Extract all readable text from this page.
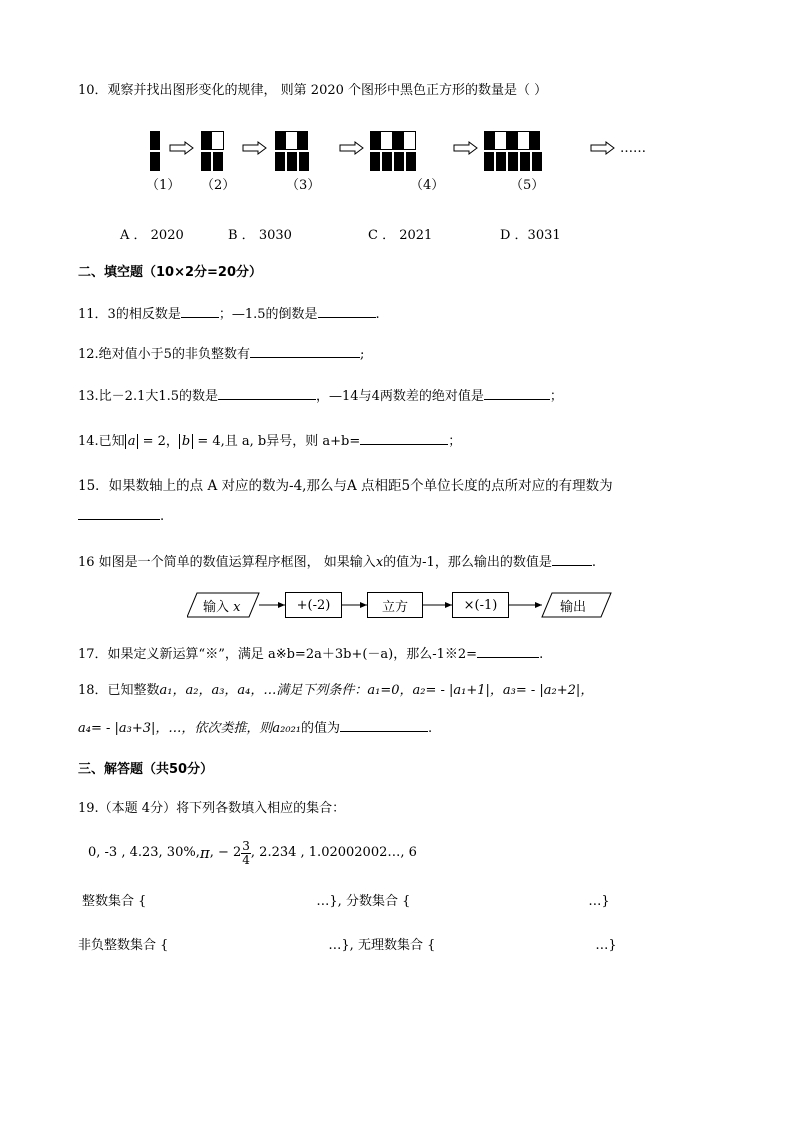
10．观察并找出图形变化的规律， 则第 2020 个图形中黑色正方形的数量是（ ）
……
（1） （2）	（3）	（4）	（5）
A ． 2020	B ． 3030	C ． 2021	D ．3031
二、填空题（10×2分=20分）
11．3的相反数是	；—1.5的倒数是	.
12.绝对值小于5的非负整数有	;
13.比－2.1大1.5的数是	，—14与4两数差的绝对值是	；
14.已知 a = 2， b = 4,且 a, b异号，则 a+b=	；
15．如果数轴上的点 A 对应的数为-4,那么与A 点相距5个单位长度的点所对应的有理数为
.
16 如图是一个简单的数值运算程序框图， 如果输入x的值为-1，那么输出的数值是	.
输入 x	+(-2)	立方	×(-1)	输出
17．如果定义新运算“※”，满足 a※b=2a＋3b+(－a)，那么-1※2=	.
18．已知整数a₁，a₂，a₃，a₄，…满足下列条件：a₁=0，a₂= - |a₁+1|，a₃= - |a₂+2|，
a₄= - |a₃+3|，…，依次类推，则a₂₀₂₁的值为	.
三、解答题（共50分）
19.（本题 4分）将下列各数填入相应的集合：
0, -3 , 4.23, 30%, π , − $2 \frac{3}{4}$ , 2.23̇4̇ , 1.02002002…, 6
整数集合 {	…}, 分数集合 {	…}
非负整数集合 {	…}, 无理数集合 {	…}
